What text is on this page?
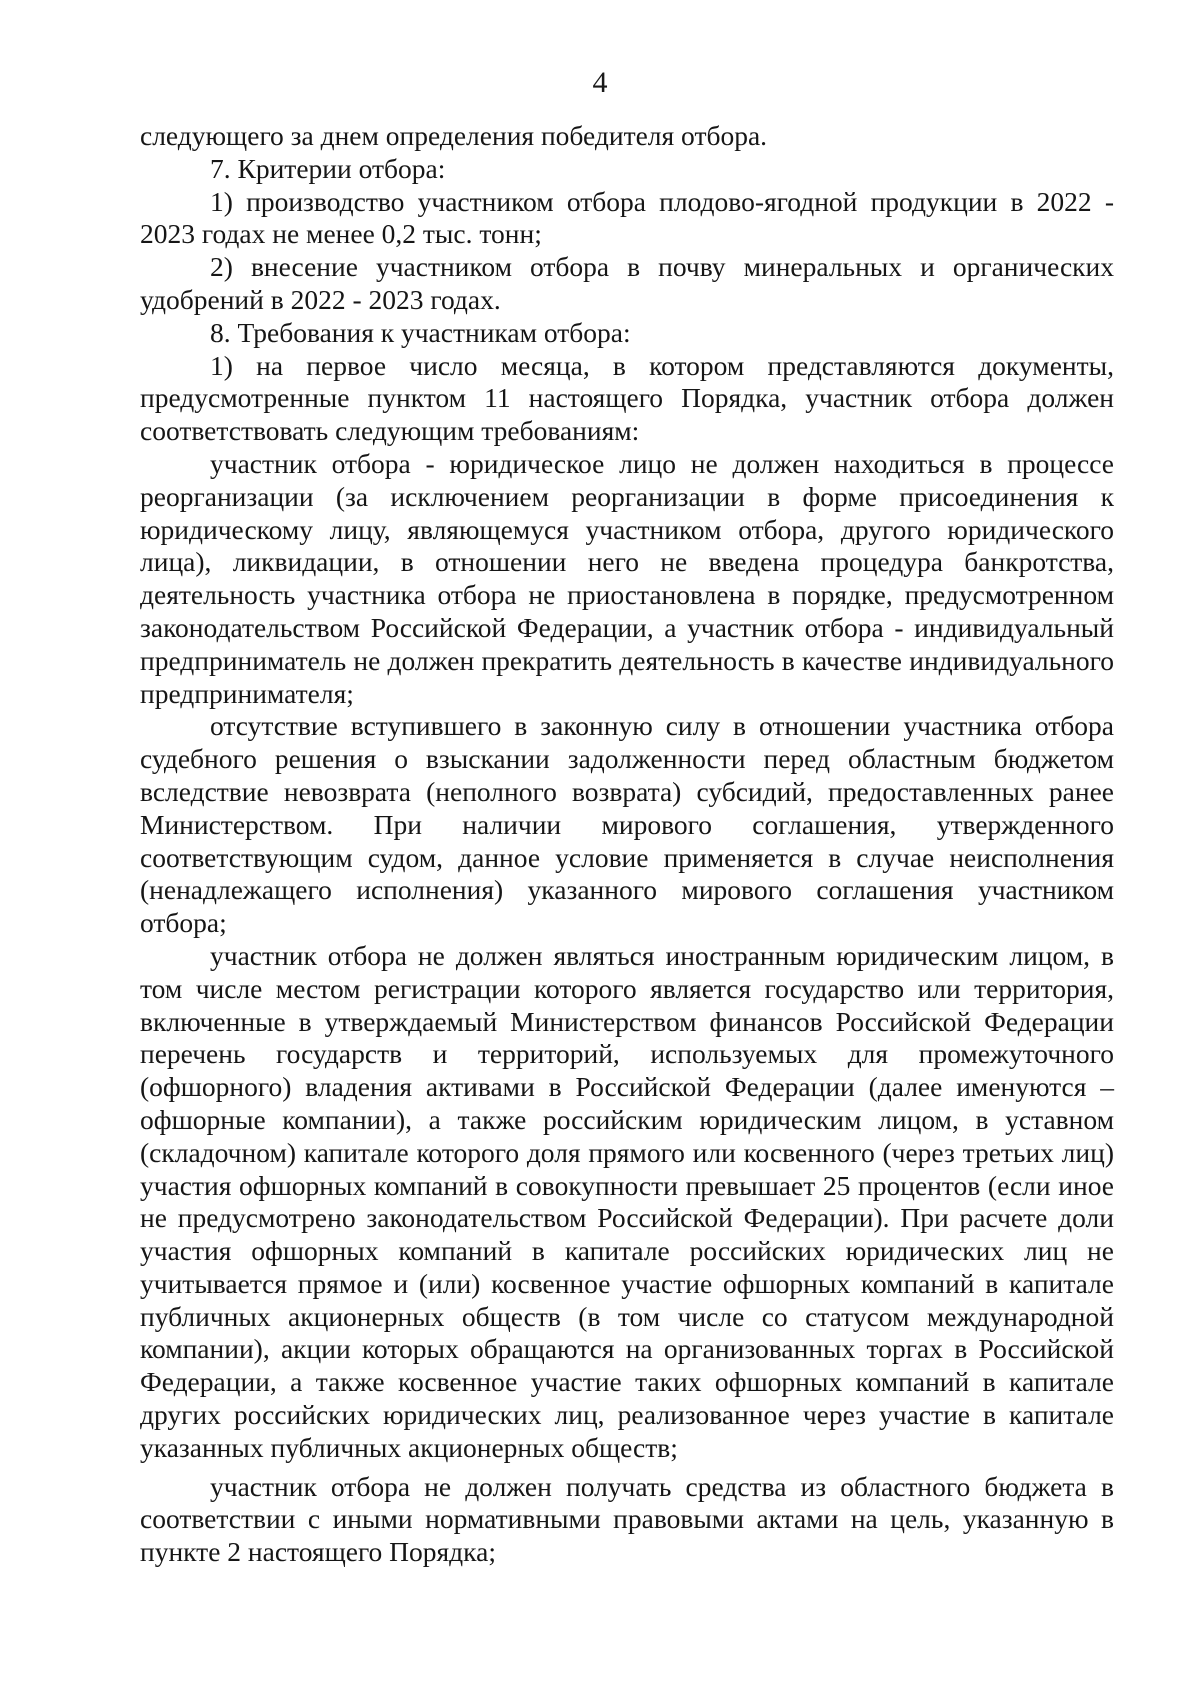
4

следующего за днем определения победителя отбора.

7. Критерии отбора:

1) производство участником отбора плодово-ягодной продукции в 2022 - 2023 годах не менее 0,2 тыс. тонн;

2) внесение участником отбора в почву минеральных и органических удобрений в 2022 - 2023 годах.

8. Требования к участникам отбора:

1) на первое число месяца, в котором представляются документы, предусмотренные пунктом 11 настоящего Порядка, участник отбора должен соответствовать следующим требованиям:

участник отбора - юридическое лицо не должен находиться в процессе реорганизации (за исключением реорганизации в форме присоединения к юридическому лицу, являющемуся участником отбора, другого юридического лица), ликвидации, в отношении него не введена процедура банкротства, деятельность участника отбора не приостановлена в порядке, предусмотренном законодательством Российской Федерации, а участник отбора - индивидуальный предприниматель не должен прекратить деятельность в качестве индивидуального предпринимателя;

отсутствие вступившего в законную силу в отношении участника отбора судебного решения о взыскании задолженности перед областным бюджетом вследствие невозврата (неполного возврата) субсидий, предоставленных ранее Министерством. При наличии мирового соглашения, утвержденного соответствующим судом, данное условие применяется в случае неисполнения (ненадлежащего исполнения) указанного мирового соглашения участником отбора;

участник отбора не должен являться иностранным юридическим лицом, в том числе местом регистрации которого является государство или территория, включенные в утверждаемый Министерством финансов Российской Федерации перечень государств и территорий, используемых для промежуточного (офшорного) владения активами в Российской Федерации (далее именуются – офшорные компании), а также российским юридическим лицом, в уставном (складочном) капитале которого доля прямого или косвенного (через третьих лиц) участия офшорных компаний в совокупности превышает 25 процентов (если иное не предусмотрено законодательством Российской Федерации). При расчете доли участия офшорных компаний в капитале российских юридических лиц не учитывается прямое и (или) косвенное участие офшорных компаний в капитале публичных акционерных обществ (в том числе со статусом международной компании), акции которых обращаются на организованных торгах в Российской Федерации, а также косвенное участие таких офшорных компаний в капитале других российских юридических лиц, реализованное через участие в капитале указанных публичных акционерных обществ;

участник отбора не должен получать средства из областного бюджета в соответствии с иными нормативными правовыми актами на цель, указанную в пункте 2 настоящего Порядка;
